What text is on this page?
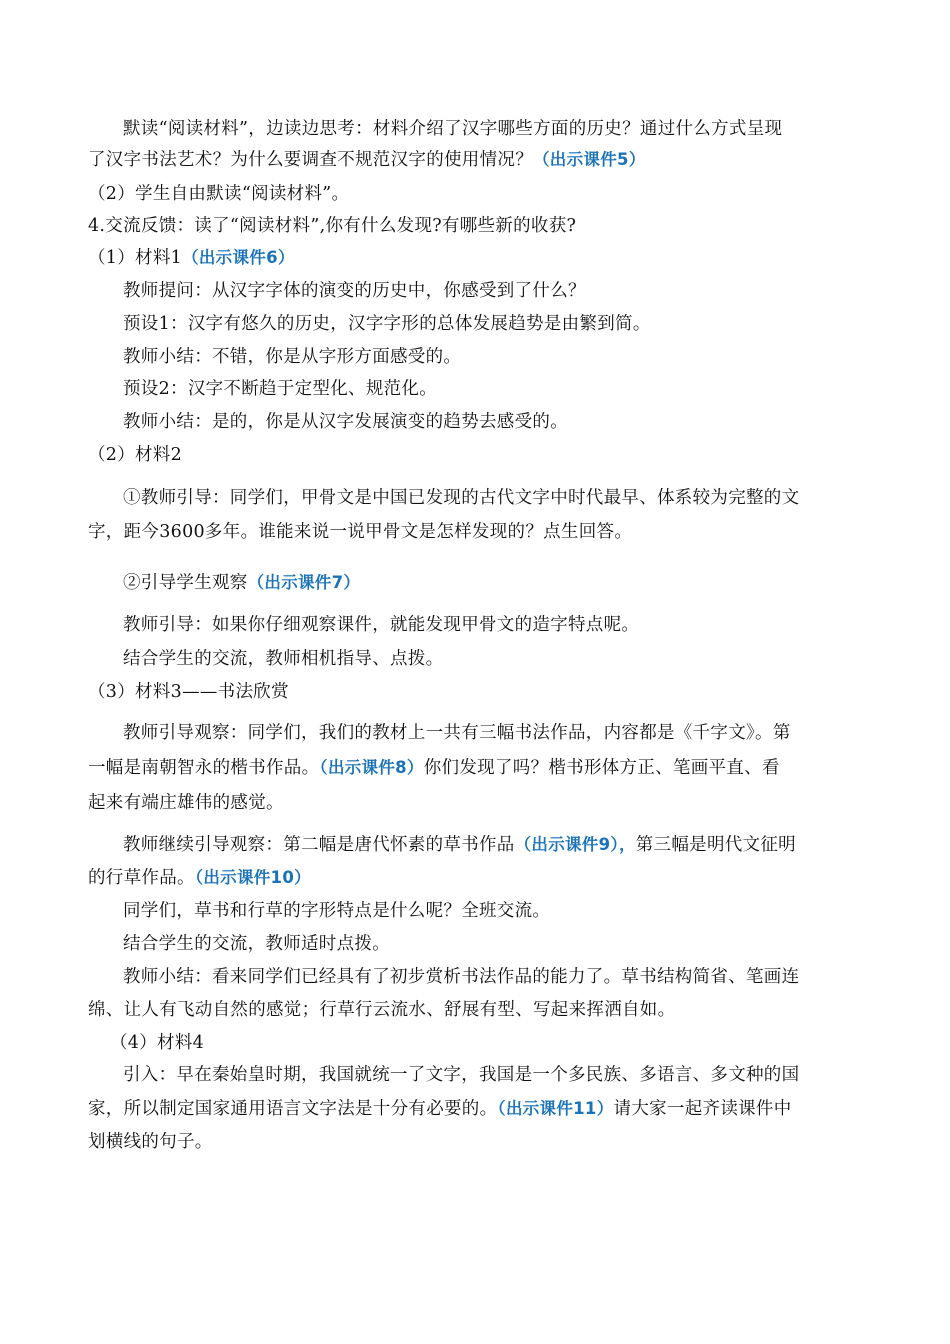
默读“阅读材料”，边读边思考：材料介绍了汉字哪些方面的历史？通过什么方式呈现
了汉字书法艺术？为什么要调查不规范汉字的使用情况？（出示课件5）
（2）学生自由默读“阅读材料”。
4.交流反馈：读了“阅读材料”,你有什么发现?有哪些新的收获?
（1）材料1（出示课件6）
教师提问：从汉字字体的演变的历史中，你感受到了什么？
预设1：汉字有悠久的历史，汉字字形的总体发展趋势是由繁到简。
教师小结：不错，你是从字形方面感受的。
预设2：汉字不断趋于定型化、规范化。
教师小结：是的，你是从汉字发展演变的趋势去感受的。
（2）材料2
①教师引导：同学们，甲骨文是中国已发现的古代文字中时代最早、体系较为完整的文
字，距今3600多年。谁能来说一说甲骨文是怎样发现的？点生回答。
②引导学生观察（出示课件7）
教师引导：如果你仔细观察课件，就能发现甲骨文的造字特点呢。
结合学生的交流，教师相机指导、点拨。
（3）材料3——书法欣赏
教师引导观察：同学们，我们的教材上一共有三幅书法作品，内容都是《千字文》。第
一幅是南朝智永的楷书作品。（出示课件8）你们发现了吗？楷书形体方正、笔画平直、看
起来有端庄雄伟的感觉。
教师继续引导观察：第二幅是唐代怀素的草书作品（出示课件9），第三幅是明代文征明
的行草作品。（出示课件10）
同学们，草书和行草的字形特点是什么呢？全班交流。
结合学生的交流，教师适时点拨。
教师小结：看来同学们已经具有了初步赏析书法作品的能力了。草书结构简省、笔画连
绵、让人有飞动自然的感觉；行草行云流水、舒展有型、写起来挥洒自如。
（4）材料4
引入：早在秦始皇时期，我国就统一了文字，我国是一个多民族、多语言、多文种的国
家，所以制定国家通用语言文字法是十分有必要的。（出示课件11）请大家一起齐读课件中
划横线的句子。
